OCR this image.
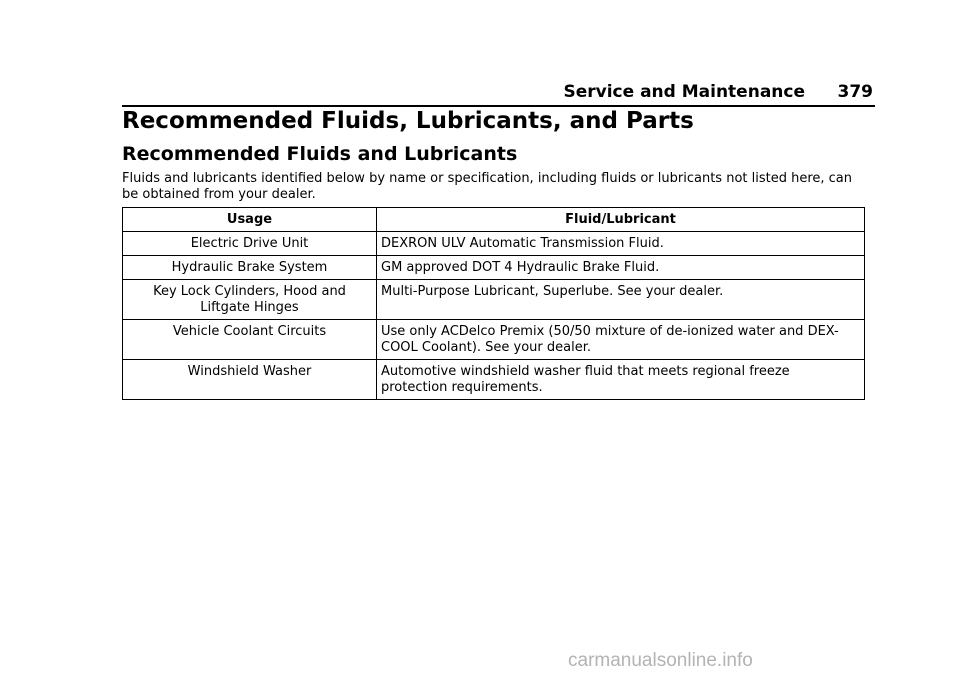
Service and Maintenance 379
Recommended Fluids, Lubricants, and Parts
Recommended Fluids and Lubricants

Fluids and lubricants identified below by name or specification, including fluids or lubricants not listed here, can be obtained from your dealer.

Usage	Fluid/Lubricant
Electric Drive Unit	DEXRON ULV Automatic Transmission Fluid.
Hydraulic Brake System	GM approved DOT 4 Hydraulic Brake Fluid.
Key Lock Cylinders, Hood and Liftgate Hinges	Multi-Purpose Lubricant, Superlube. See your dealer.
Vehicle Coolant Circuits	Use only ACDelco Premix (50/50 mixture of de-ionized water and DEX-COOL Coolant). See your dealer.
Windshield Washer	Automotive windshield washer fluid that meets regional freeze protection requirements.
carmanualsonline.info
